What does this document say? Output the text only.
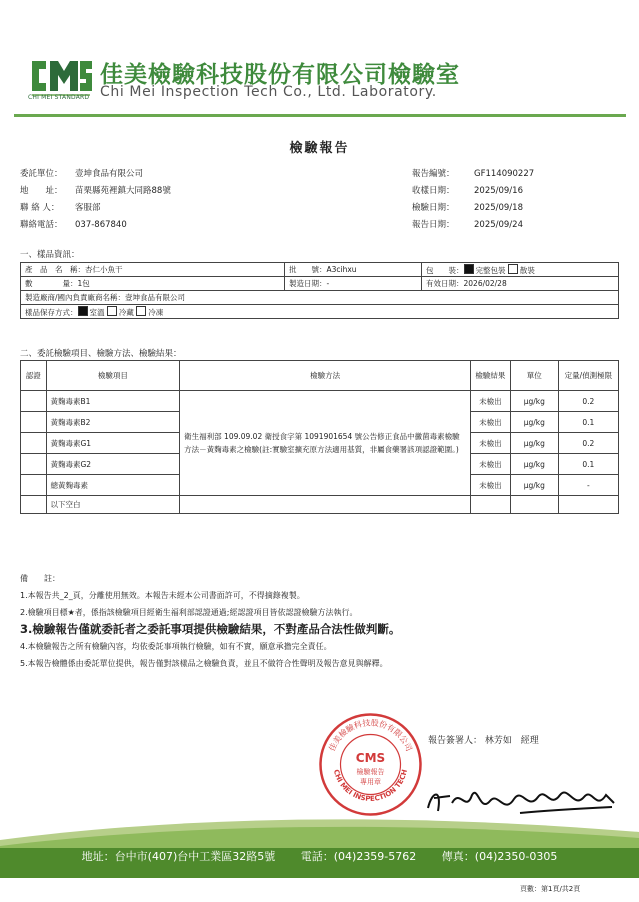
CHI MEI STANDARD
佳美檢驗科技股份有限公司檢驗室
Chi Mei Inspection Tech Co., Ltd. Laboratory.
檢驗報告
委託單位： 壹坤食品有限公司
地　　址： 苗栗縣苑裡鎮大同路88號
聯 絡 人： 客服部
聯絡電話： 037-867840
報告編號： GF114090227
收樣日期： 2025/09/16
檢驗日期： 2025/09/18
報告日期： 2025/09/24
一、樣品資訊：
產　品　名　稱：杏仁小魚干	批　　號：A3cihxu	包　　裝： 完整包裝 散裝
數　　　　量：1包	製造日期：-	有效日期：2026/02/28
製造廠商/國內負責廠商名稱：壹坤食品有限公司		
樣品保存方式： 室溫 冷藏 冷凍		
二、委託檢驗項目、檢驗方法、檢驗結果：
認證	檢驗項目	檢驗方法	檢驗結果	單位	定量/偵測極限
	黃麴毒素B1	衛生福利部 109.09.02 衛授食字第 1091901654 號公告修正食品中黴菌毒素檢驗方法－黃麴毒素之檢驗(註:實驗室擴充原方法適用基質，非屬食藥署該項認證範圍。)	未檢出	μg/kg	0.2
	黃麴毒素B2		未檢出	μg/kg	0.1
	黃麴毒素G1		未檢出	μg/kg	0.2
	黃麴毒素G2		未檢出	μg/kg	0.1
	總黃麴毒素		未檢出	μg/kg	-
	以下空白				
備　　註：
1.本報告共_2_頁，分離使用無效。本報告未經本公司書面許可，不得摘錄複製。
2.檢驗項目標★者，係指該檢驗項目經衛生福利部認證通過;經認證項目皆依認證檢驗方法執行。
3.檢驗報告僅就委託者之委託事項提供檢驗結果，不對產品合法性做判斷。
4.本檢驗報告之所有檢驗內容，均依委託事項執行檢驗，如有不實，願意承擔完全責任。
5.本報告檢體係由委託單位提供，報告僅對該樣品之檢驗負責，並且不做符合性聲明及報告意見與解釋。
佳美檢驗科技股份有限公司
CHI MEI INSPECTION TECH
CMS
檢驗報告
專用章
報告簽署人： 林芳如 經理
地址：台中市(407)台中工業區32路5號 電話：(04)2359-5762 傳真：(04)2350-0305
頁數：第1頁/共2頁
